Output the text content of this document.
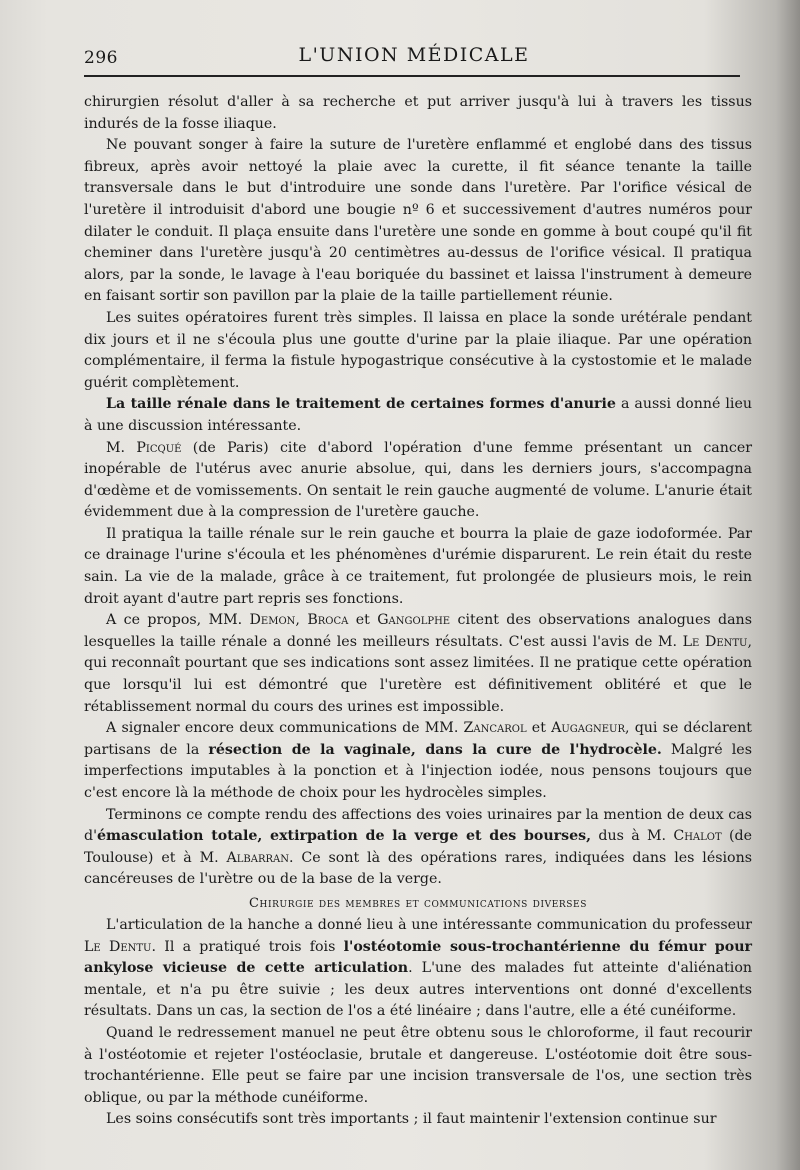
296	L'UNION MÉDICALE

chirurgien résolut d'aller à sa recherche et put arriver jusqu'à lui à travers les tissus indurés de la fosse iliaque.

Ne pouvant songer à faire la suture de l'uretère enflammé et englobé dans des tissus fibreux, après avoir nettoyé la plaie avec la curette, il fit séance tenante la taille transversale dans le but d'introduire une sonde dans l'uretère. Par l'orifice vésical de l'uretère il introduisit d'abord une bougie nº 6 et successivement d'autres numéros pour dilater le conduit. Il plaça ensuite dans l'uretère une sonde en gomme à bout coupé qu'il fit cheminer dans l'uretère jusqu'à 20 centimètres au-dessus de l'orifice vésical. Il pratiqua alors, par la sonde, le lavage à l'eau boriquée du bassinet et laissa l'instrument à demeure en faisant sortir son pavillon par la plaie de la taille partiellement réunie.

Les suites opératoires furent très simples. Il laissa en place la sonde urétérale pendant dix jours et il ne s'écoula plus une goutte d'urine par la plaie iliaque. Par une opération complémentaire, il ferma la fistule hypogastrique consécutive à la cystostomie et le malade guérit complètement.

La taille rénale dans le traitement de certaines formes d'anurie a aussi donné lieu à une discussion intéressante.

M. Picqué (de Paris) cite d'abord l'opération d'une femme présentant un cancer inopérable de l'utérus avec anurie absolue, qui, dans les derniers jours, s'accompagna d'œdème et de vomissements. On sentait le rein gauche augmenté de volume. L'anurie était évidemment due à la compression de l'uretère gauche.

Il pratiqua la taille rénale sur le rein gauche et bourra la plaie de gaze iodoformée. Par ce drainage l'urine s'écoula et les phénomènes d'urémie disparurent. Le rein était du reste sain. La vie de la malade, grâce à ce traitement, fut prolongée de plusieurs mois, le rein droit ayant d'autre part repris ses fonctions.

A ce propos, MM. Demon, Broca et Gangolphe citent des observations analogues dans lesquelles la taille rénale a donné les meilleurs résultats. C'est aussi l'avis de M. Le Dentu, qui reconnaît pourtant que ses indications sont assez limitées. Il ne pratique cette opération que lorsqu'il lui est démontré que l'uretère est définitivement oblitéré et que le rétablissement normal du cours des urines est impossible.

A signaler encore deux communications de MM. Zancarol et Augagneur, qui se déclarent partisans de la résection de la vaginale, dans la cure de l'hydrocèle. Malgré les imperfections imputables à la ponction et à l'injection iodée, nous pensons toujours que c'est encore là la méthode de choix pour les hydrocèles simples.

Terminons ce compte rendu des affections des voies urinaires par la mention de deux cas d'émasculation totale, extirpation de la verge et des bourses, dus à M. Chalot (de Toulouse) et à M. Albarran. Ce sont là des opérations rares, indiquées dans les lésions cancéreuses de l'urètre ou de la base de la verge.

Chirurgie des membres et communications diverses

L'articulation de la hanche a donné lieu à une intéressante communication du professeur Le Dentu. Il a pratiqué trois fois l'ostéotomie sous-trochantérienne du fémur pour ankylose vicieuse de cette articulation. L'une des malades fut atteinte d'aliénation mentale, et n'a pu être suivie ; les deux autres interventions ont donné d'excellents résultats. Dans un cas, la section de l'os a été linéaire ; dans l'autre, elle a été cunéiforme.

Quand le redressement manuel ne peut être obtenu sous le chloroforme, il faut recourir à l'ostéotomie et rejeter l'ostéoclasie, brutale et dangereuse. L'ostéotomie doit être sous-trochantérienne. Elle peut se faire par une incision transversale de l'os, une section très oblique, ou par la méthode cunéiforme.

Les soins consécutifs sont très importants ; il faut maintenir l'extension continue sur
